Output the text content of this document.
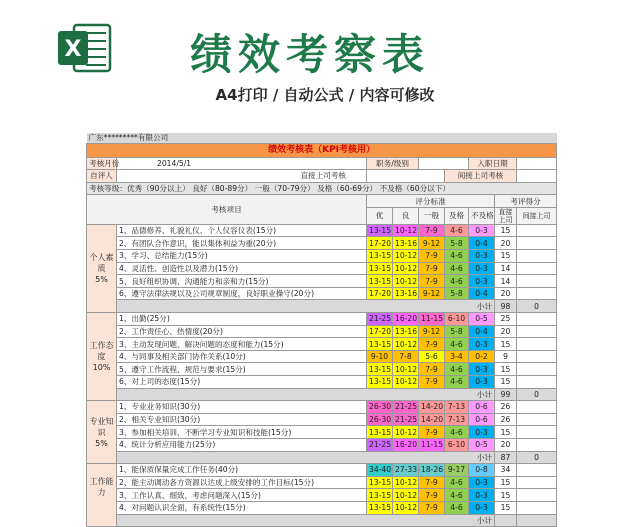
X	绩效考察表
A4打印 / 自动公式 / 内容可修改
广东*********有限公司								
绩效考核表（KPI考核用）								
考核月份	2014/5/1	职务/级别				入职日期		
自评人	直接上司考核				间接上司考核			
考核等级：优秀（90分以上） 良好（80-89分） 一般（70-79分） 及格（60-69分） 不及格（60分以下）								
考核项目		评分标准					考评得分	
		优	良	一般	及格	不及格	直接上司	间接上司

个人素质
5%	1、品德修养、礼貌礼仪、个人仪容仪表(15分)	13-15	10-12	7-9	4-6	0-3	15	
	2、有团队合作意识，能以集体利益为重(20分)	17-20	13-16	9-12	5-8	0-4	20	
	3、学习、总结能力(15分)	13-15	10-12	7-9	4-6	0-3	15	
	4、灵活性、创造性以及潜力(15分)	13-15	10-12	7-9	4-6	0-3	14	
	5、良好组织协调、沟通能力和亲和力(15分)	13-15	10-12	7-9	4-6	0-3	14	
	6、遵守法律法规以及公司规章制度，良好职业操守(20分)	17-20	13-16	9-12	5-8	0-4	20	
	小计						98	0

工作态度
10%	1、出勤(25分)	21-25	16-20	11-15	6-10	0-5	25	
	2、工作责任心、热情度(20分)	17-20	13-16	9-12	5-8	0-4	20	
	3、主动发现问题、解决问题的态度和能力(15分)	13-15	10-12	7-9	4-6	0-3	15	
	4、与同事及相关部门协作关系(10分)	9-10	7-8	5-6	3-4	0-2	9	
	5、遵守工作流程、规范与要求(15分)	13-15	10-12	7-9	4-6	0-3	15	
	6、对上司的态度(15分)	13-15	10-12	7-9	4-6	0-3	15	
	小计						99	0

专业知识
5%	1、专业业务知识(30分)	26-30	21-25	14-20	7-13	0-6	26	
	2、相关专业知识(30分)	26-30	21-25	14-20	7-13	0-6	26	
	3、参加相关培训，不断学习专业知识和技能(15分)	13-15	10-12	7-9	4-6	0-3	15	
	4、统计分析应用能力(25分)	21-25	16-20	11-15	6-10	0-5	20	
	小计						87	0

工作能力	1、能保质保量完成工作任务(40分)	34-40	27-33	18-26	9-17	0-8	34	
	2、能主动调动各方资源以达成上级安排的工作目标(15分)	13-15	10-12	7-9	4-6	0-3	15	
	3、工作认真、细致，考虑问题深入(15分)	13-15	10-12	7-9	4-6	0-3	15	
	4、对问题认识全面，有系统性(15分)	13-15	10-12	7-9	4-6	0-3	15	
	小计							
